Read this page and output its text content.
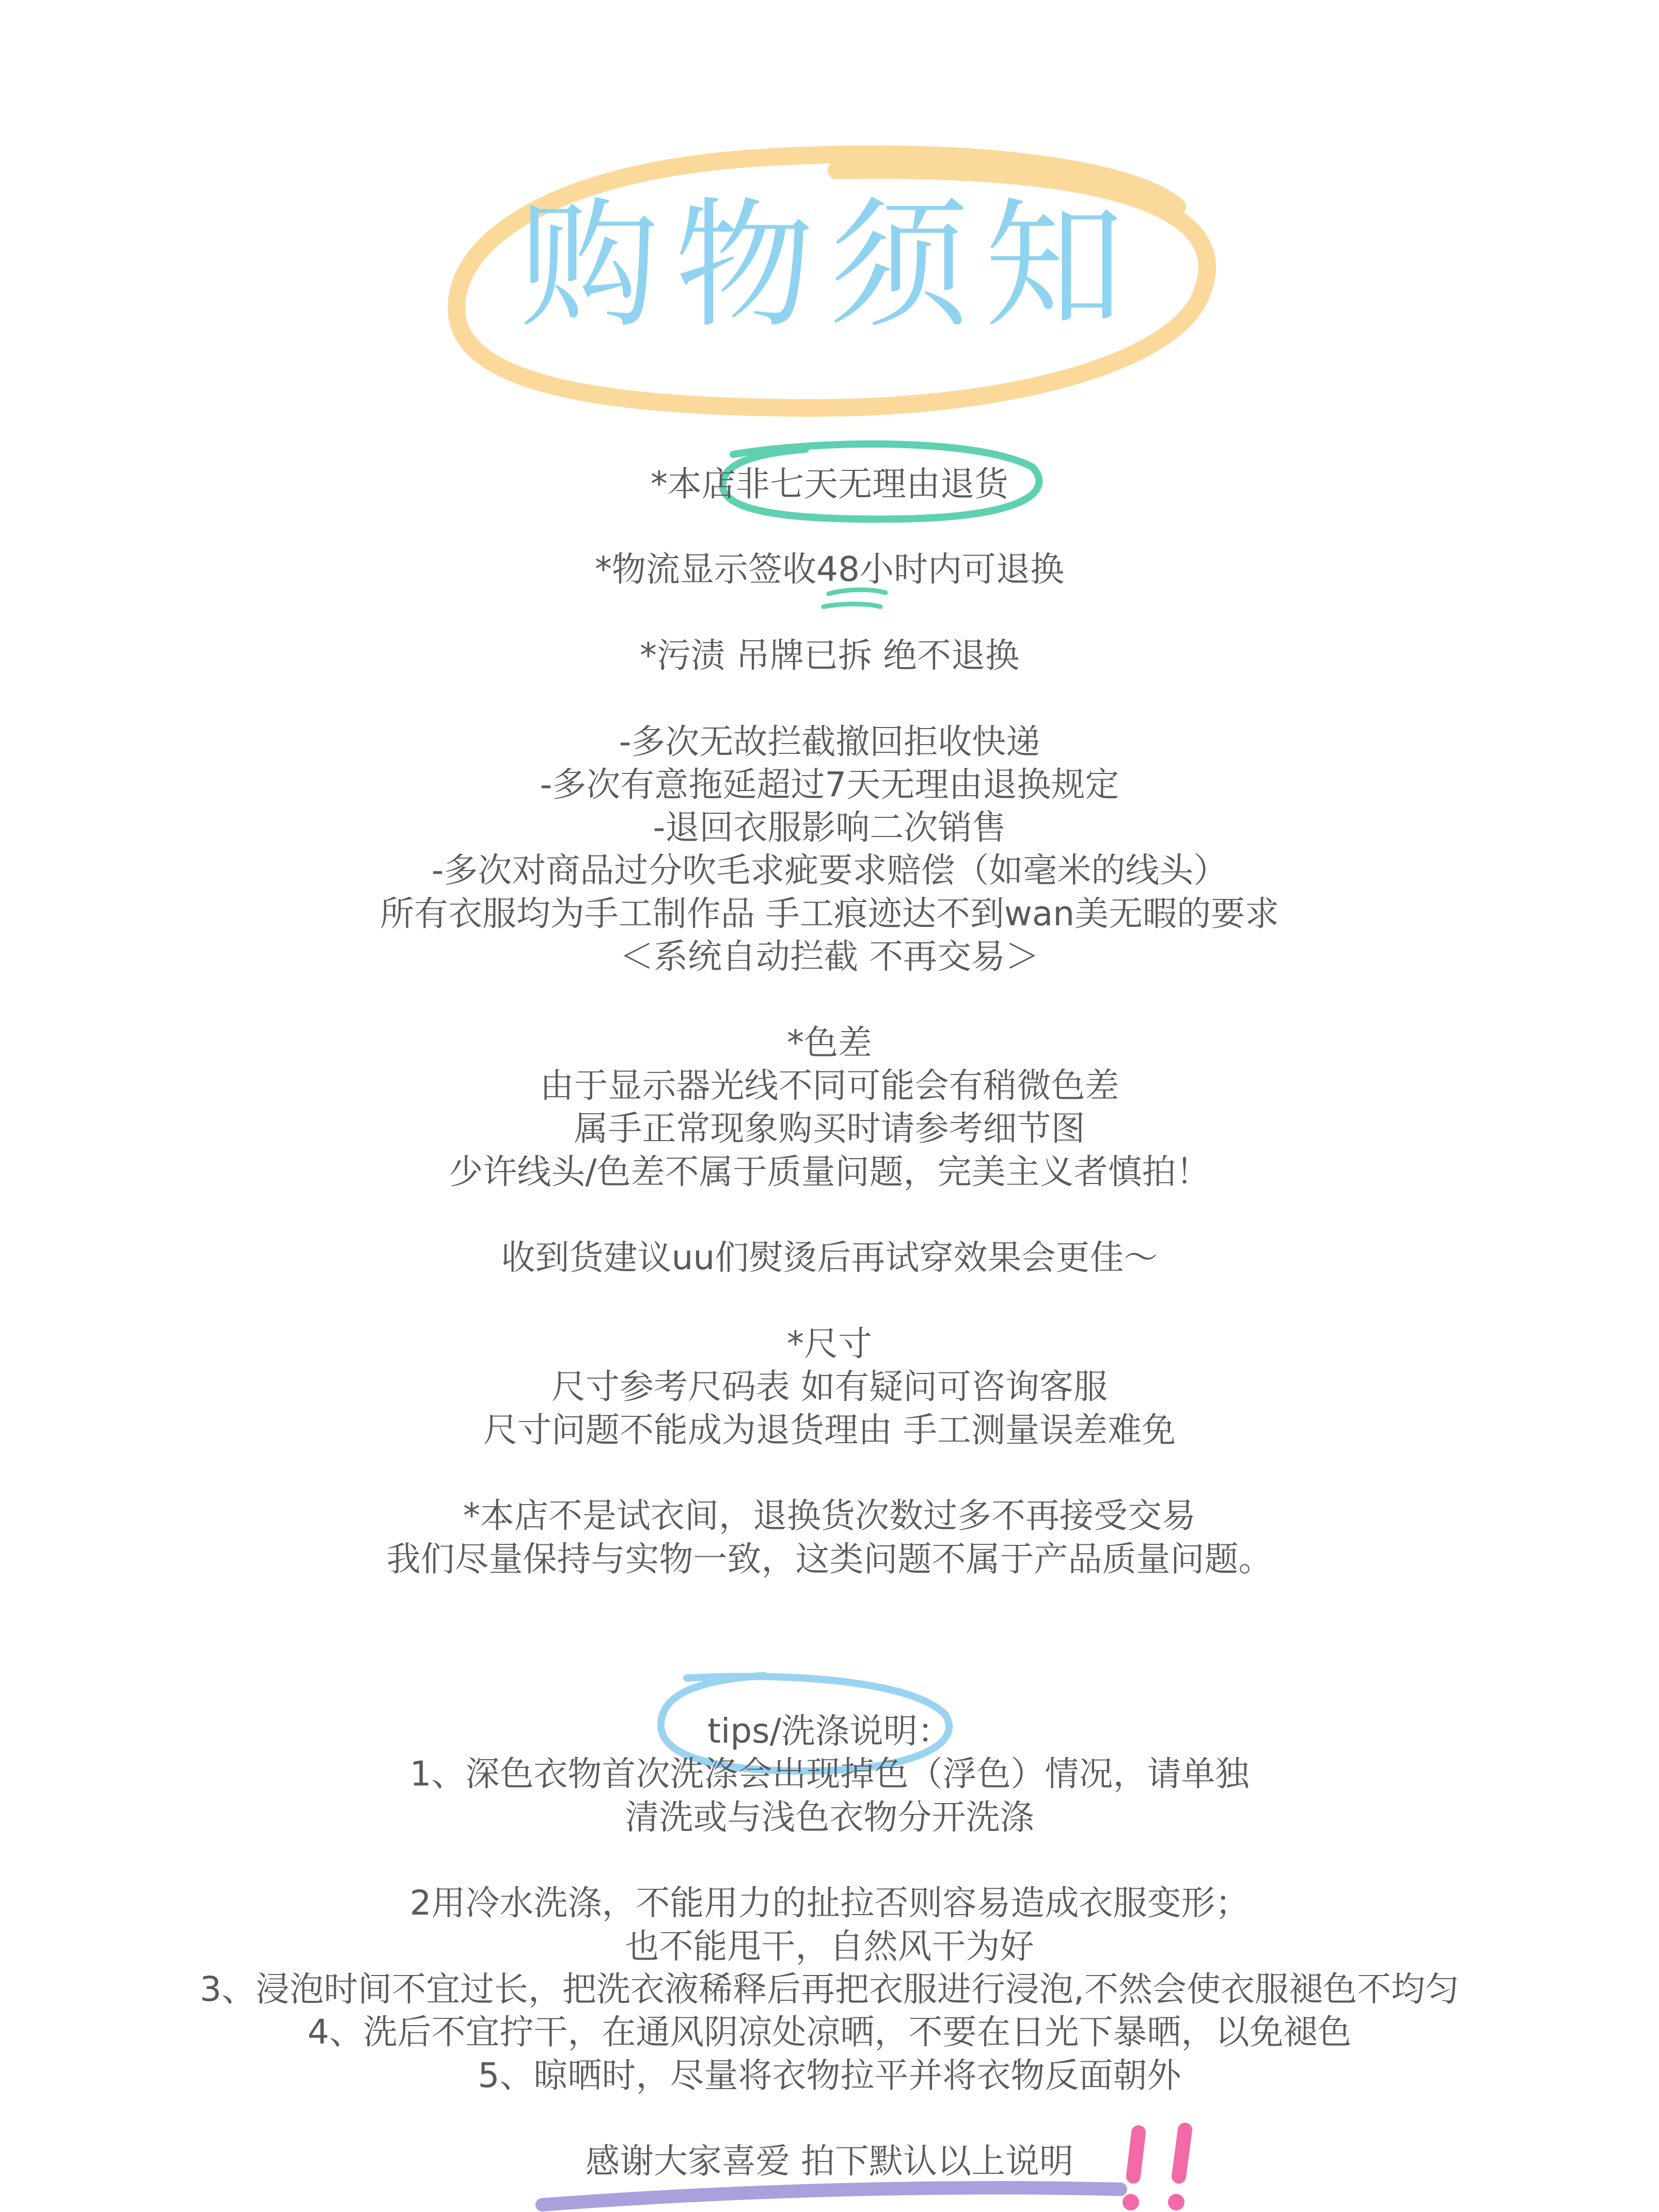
购物须知
*本店非七天无理由退货
*物流显示签收48小时内可退换
*污渍 吊牌已拆 绝不退换
-多次无故拦截撤回拒收快递
-多次有意拖延超过7天无理由退换规定
-退回衣服影响二次销售
-多次对商品过分吹毛求疵要求赔偿（如毫米的线头）
所有衣服均为手工制作品 手工痕迹达不到wan美无暇的要求
＜系统自动拦截 不再交易＞
*色差
由于显示器光线不同可能会有稍微色差
属手正常现象购买时请参考细节图
少许线头/色差不属于质量问题，完美主义者慎拍！
收到货建议uu们熨烫后再试穿效果会更佳～
*尺寸
尺寸参考尺码表 如有疑问可咨询客服
尺寸问题不能成为退货理由 手工测量误差难免
*本店不是试衣间，退换货次数过多不再接受交易
我们尽量保持与实物一致，这类问题不属于产品质量问题。
tips/洗涤说明：
1、深色衣物首次洗涤会出现掉色（浮色）情况，请单独
清洗或与浅色衣物分开洗涤
2用冷水洗涤，不能用力的扯拉否则容易造成衣服变形；
也不能甩干，自然风干为好
3、浸泡时间不宜过长，把洗衣液稀释后再把衣服进行浸泡,不然会使衣服褪色不均匀
4、洗后不宜拧干，在通风阴凉处凉晒，不要在日光下暴晒，以免褪色
5、晾晒时，尽量将衣物拉平并将衣物反面朝外
感谢大家喜爱 拍下默认以上说明
